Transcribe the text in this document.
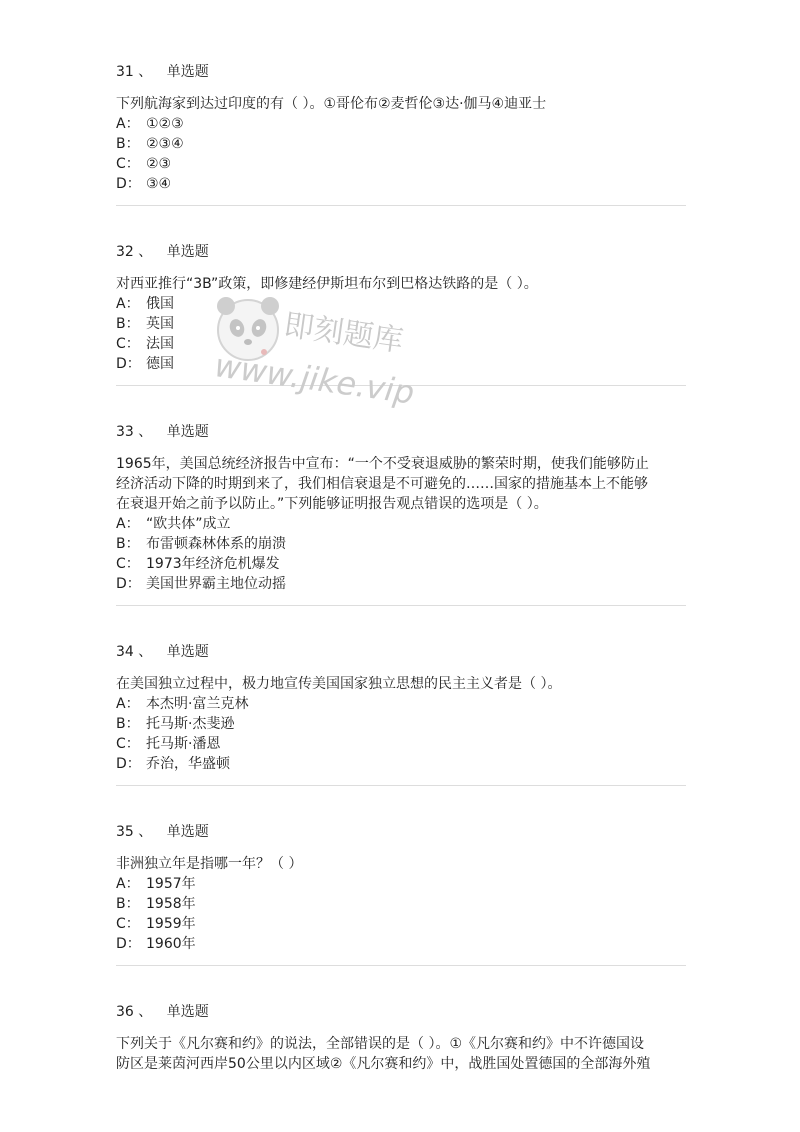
31 、 单选题
下列航海家到达过印度的有（ ）。①哥伦布②麦哲伦③达·伽马④迪亚士
A： ①②③
B： ②③④
C： ②③
D： ③④
32 、 单选题
对西亚推行“3B”政策，即修建经伊斯坦布尔到巴格达铁路的是（ ）。
A： 俄国
B： 英国
C： 法国
D： 德国
33 、 单选题
1965年，美国总统经济报告中宣布：“一个不受衰退威胁的繁荣时期，使我们能够防止
经济活动下降的时期到来了，我们相信衰退是不可避免的……国家的措施基本上不能够
在衰退开始之前予以防止。”下列能够证明报告观点错误的选项是（ ）。
A： “欧共体”成立
B： 布雷顿森林体系的崩溃
C： 1973年经济危机爆发
D： 美国世界霸主地位动摇
34 、 单选题
在美国独立过程中，极力地宣传美国国家独立思想的民主主义者是（ ）。
A： 本杰明·富兰克林
B： 托马斯·杰斐逊
C： 托马斯·潘恩
D： 乔治，华盛顿
35 、 单选题
非洲独立年是指哪一年？（ ）
A： 1957年
B： 1958年
C： 1959年
D： 1960年
36 、 单选题
下列关于《凡尔赛和约》的说法，全部错误的是（ ）。①《凡尔赛和约》中不许德国设
防区是莱茵河西岸50公里以内区域②《凡尔赛和约》中，战胜国处置德国的全部海外殖
即刻题库
www.jike.vip
